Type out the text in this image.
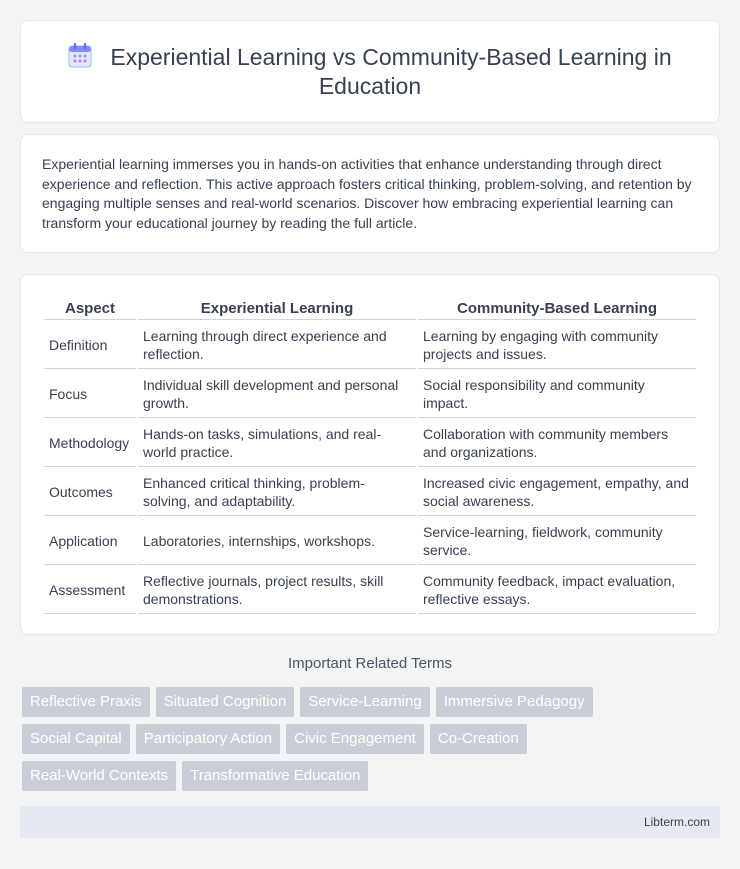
Experiential Learning vs Community-Based Learning in Education

Experiential learning immerses you in hands-on activities that enhance understanding through direct experience and reflection. This active approach fosters critical thinking, problem-solving, and retention by engaging multiple senses and real-world scenarios. Discover how embracing experiential learning can transform your educational journey by reading the full article.

Aspect	Experiential Learning	Community-Based Learning
Definition	Learning through direct experience and reflection.	Learning by engaging with community projects and issues.
Focus	Individual skill development and personal growth.	Social responsibility and community impact.
Methodology	Hands-on tasks, simulations, and real-world practice.	Collaboration with community members and organizations.
Outcomes	Enhanced critical thinking, problem-solving, and adaptability.	Increased civic engagement, empathy, and social awareness.
Application	Laboratories, internships, workshops.	Service-learning, fieldwork, community service.
Assessment	Reflective journals, project results, skill demonstrations.	Community feedback, impact evaluation, reflective essays.
Important Related Terms
Reflective Praxis	Situated Cognition	Service-Learning	Immersive Pedagogy
Social Capital	Participatory Action	Civic Engagement	Co-Creation
Real-World Contexts	Transformative Education
Libterm.com
